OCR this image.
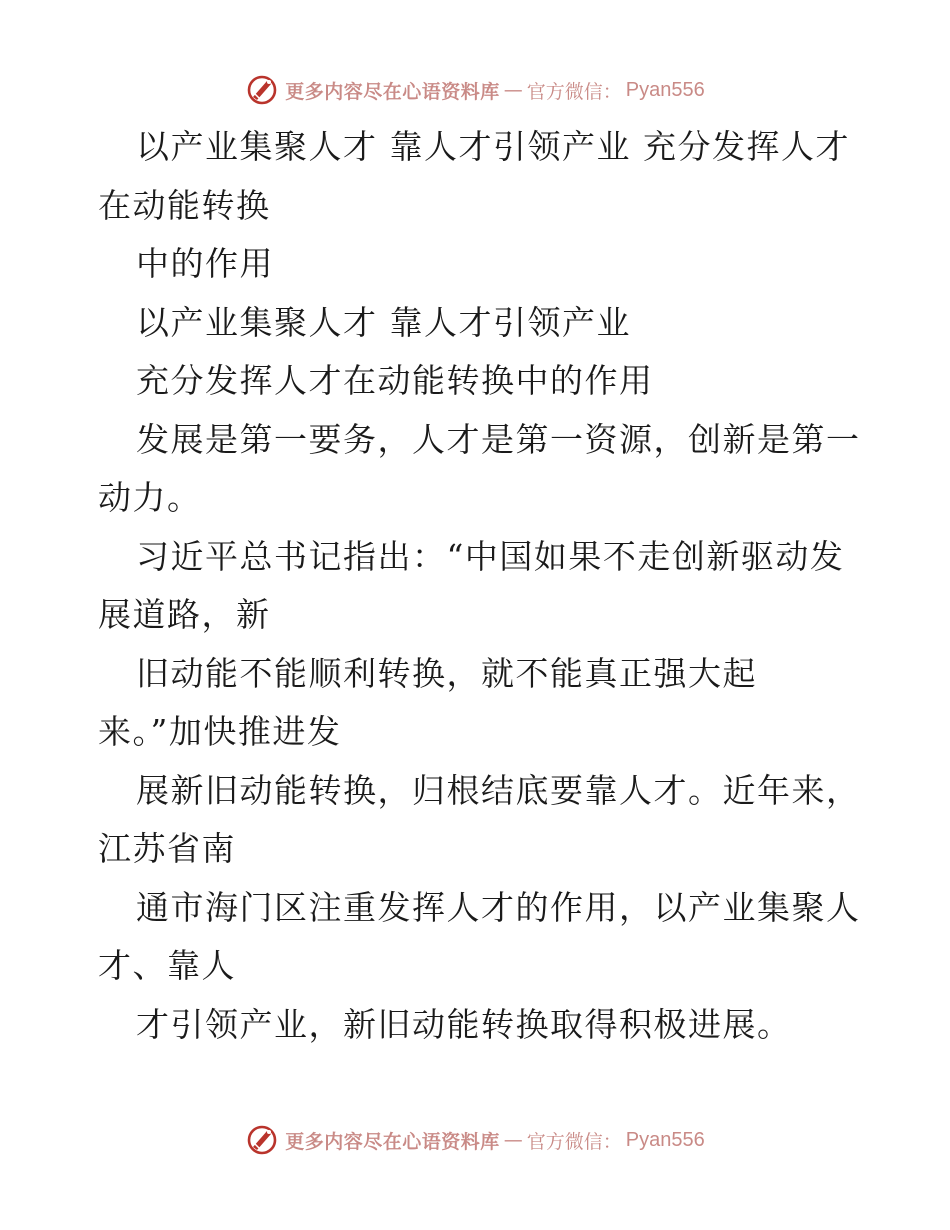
更多内容尽在心语资料库 — 官方微信： Pyan556
以产业集聚人才 靠人才引领产业 充分发挥人才
在动能转换
中的作用
以产业集聚人才 靠人才引领产业
充分发挥人才在动能转换中的作用
发展是第一要务，人才是第一资源，创新是第一
动力。
习近平总书记指出：“中国如果不走创新驱动发
展道路，新
旧动能不能顺利转换，就不能真正强大起
来。”加快推进发
展新旧动能转换，归根结底要靠人才。近年来，
江苏省南
通市海门区注重发挥人才的作用，以产业集聚人
才、靠人
才引领产业，新旧动能转换取得积极进展。
更多内容尽在心语资料库 — 官方微信： Pyan556
